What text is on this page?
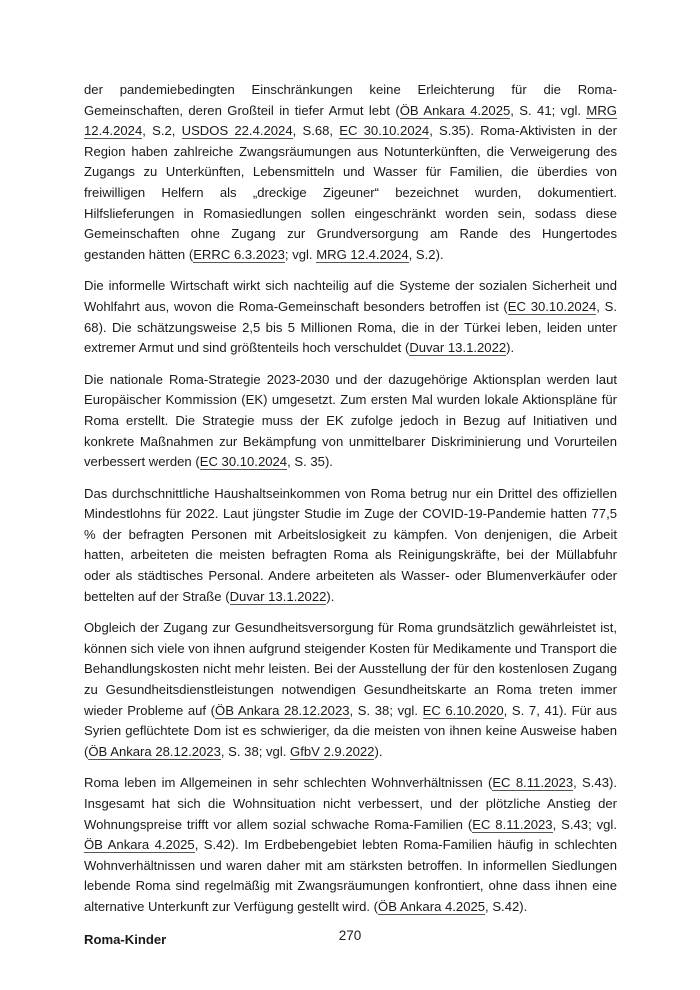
der pandemiebedingten Einschränkungen keine Erleichterung für die Roma-Gemeinschaften, deren Großteil in tiefer Armut lebt (ÖB Ankara 4.2025, S. 41; vgl. MRG 12.4.2024, S.2, USDOS 22.4.2024, S.68, EC 30.10.2024, S.35). Roma-Aktivisten in der Region haben zahlreiche Zwangsräumungen aus Notunterkünften, die Verweigerung des Zugangs zu Unterkünften, Lebensmitteln und Wasser für Familien, die überdies von freiwilligen Helfern als „dreckige Zigeuner“ bezeichnet wurden, dokumentiert. Hilfslieferungen in Romasiedlungen sollen eingeschränkt worden sein, sodass diese Gemeinschaften ohne Zugang zur Grundversorgung am Rande des Hungertodes gestanden hätten (ERRC 6.3.2023; vgl. MRG 12.4.2024, S.2).

Die informelle Wirtschaft wirkt sich nachteilig auf die Systeme der sozialen Sicherheit und Wohlfahrt aus, wovon die Roma-Gemeinschaft besonders betroffen ist (EC 30.10.2024, S. 68). Die schätzungsweise 2,5 bis 5 Millionen Roma, die in der Türkei leben, leiden unter extremer Armut und sind größtenteils hoch verschuldet (Duvar 13.1.2022).

Die nationale Roma-Strategie 2023-2030 und der dazugehörige Aktionsplan werden laut Europäischer Kommission (EK) umgesetzt. Zum ersten Mal wurden lokale Aktionspläne für Roma erstellt. Die Strategie muss der EK zufolge jedoch in Bezug auf Initiativen und konkrete Maßnahmen zur Bekämpfung von unmittelbarer Diskriminierung und Vorurteilen verbessert werden (EC 30.10.2024, S. 35).

Das durchschnittliche Haushaltseinkommen von Roma betrug nur ein Drittel des offiziellen Mindestlohns für 2022. Laut jüngster Studie im Zuge der COVID-19-Pandemie hatten 77,5 % der befragten Personen mit Arbeitslosigkeit zu kämpfen. Von denjenigen, die Arbeit hatten, arbeiteten die meisten befragten Roma als Reinigungskräfte, bei der Müllabfuhr oder als städtisches Personal. Andere arbeiteten als Wasser- oder Blumenverkäufer oder bettelten auf der Straße (Duvar 13.1.2022).

Obgleich der Zugang zur Gesundheitsversorgung für Roma grundsätzlich gewährleistet ist, können sich viele von ihnen aufgrund steigender Kosten für Medikamente und Transport die Behandlungskosten nicht mehr leisten. Bei der Ausstellung der für den kostenlosen Zugang zu Gesundheitsdienstleistungen notwendigen Gesundheitskarte an Roma treten immer wieder Probleme auf (ÖB Ankara 28.12.2023, S. 38; vgl. EC 6.10.2020, S. 7, 41). Für aus Syrien geflüchtete Dom ist es schwieriger, da die meisten von ihnen keine Ausweise haben (ÖB Ankara 28.12.2023, S. 38; vgl. GfbV 2.9.2022).

Roma leben im Allgemeinen in sehr schlechten Wohnverhältnissen (EC 8.11.2023, S.43). Insgesamt hat sich die Wohnsituation nicht verbessert, und der plötzliche Anstieg der Wohnungspreise trifft vor allem sozial schwache Roma-Familien (EC 8.11.2023, S.43; vgl. ÖB Ankara 4.2025, S.42). Im Erdbebengebiet lebten Roma-Familien häufig in schlechten Wohnverhältnissen und waren daher mit am stärksten betroffen. In informellen Siedlungen lebende Roma sind regelmäßig mit Zwangsräumungen konfrontiert, ohne dass ihnen eine alternative Unterkunft zur Verfügung gestellt wird. (ÖB Ankara 4.2025, S.42).

Roma-Kinder	270
